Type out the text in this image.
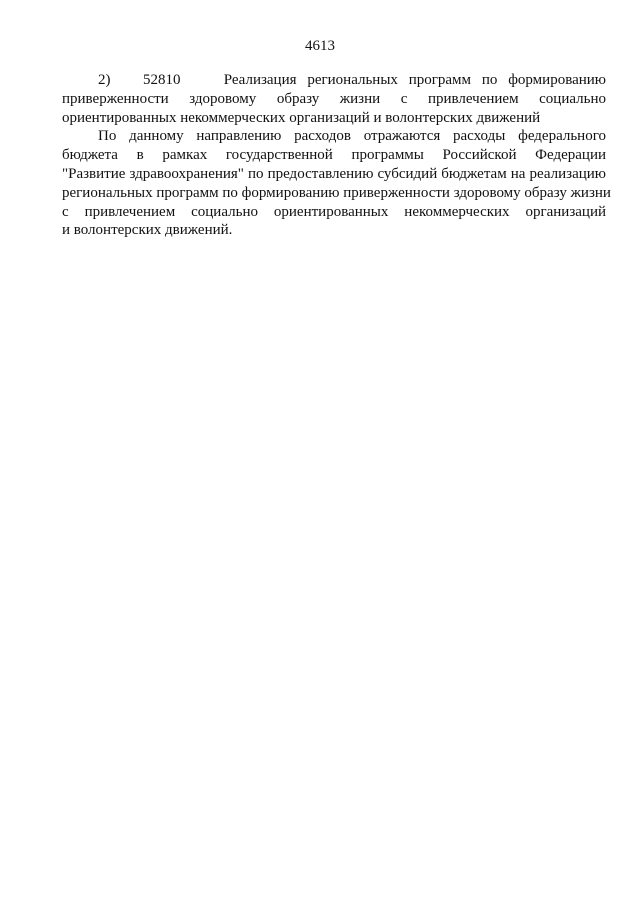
4613
2) 52810	Реализация региональных программ по формированию
приверженности здоровому образу жизни с привлечением социально
ориентированных некоммерческих организаций и волонтерских движений
По данному направлению расходов отражаются расходы федерального
бюджета в рамках государственной программы Российской Федерации
"Развитие здравоохранения" по предоставлению субсидий бюджетам на реализацию
региональных программ по формированию приверженности здоровому образу жизни
с привлечением социально ориентированных некоммерческих организаций
и волонтерских движений.
